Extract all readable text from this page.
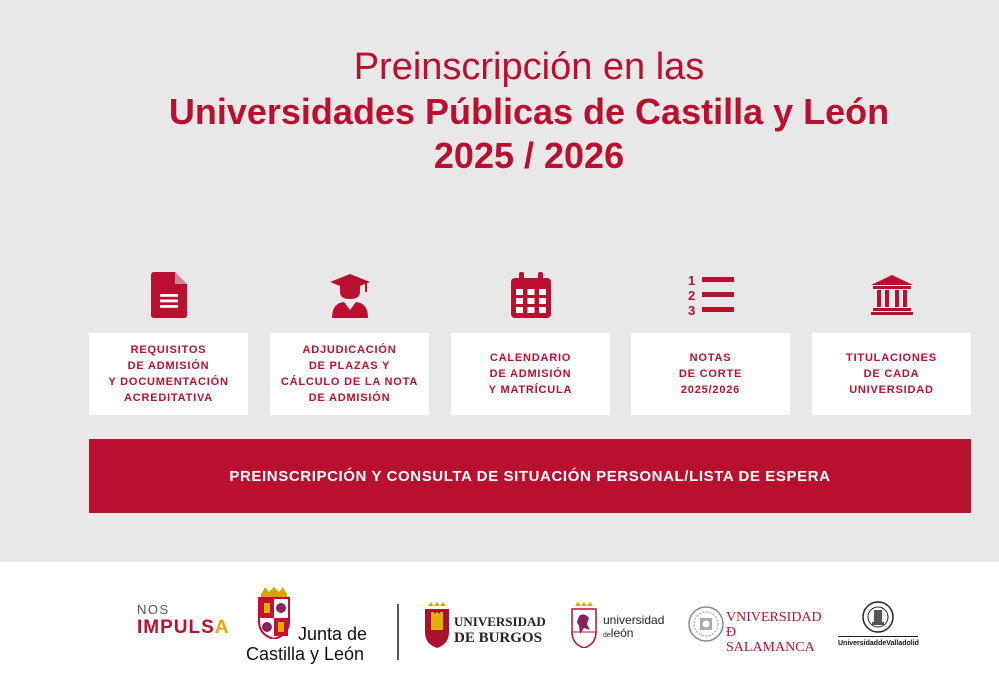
Preinscripción en las
Universidades Públicas de Castilla y León
2025 / 2026
REQUISITOS
DE ADMISIÓN
Y DOCUMENTACIÓN
ACREDITATIVA
ADJUDICACIÓN
DE PLAZAS Y
CÁLCULO DE LA NOTA
DE ADMISIÓN
CALENDARIO
DE ADMISIÓN
Y MATRÍCULA
1
2
3
NOTAS
DE CORTE
2025/2026
TITULACIONES
DE CADA
UNIVERSIDAD
PREINSCRIPCIÓN Y CONSULTA DE SITUACIÓN PERSONAL/LISTA DE ESPERA
NOS
IMPULSA	Junta de
Castilla y León
UNIVERSIDAD
DE BURGOS
universidad
deleón
VNIVERSIDAD
Ð SALAMANCA	UniversidaddeValladolid
